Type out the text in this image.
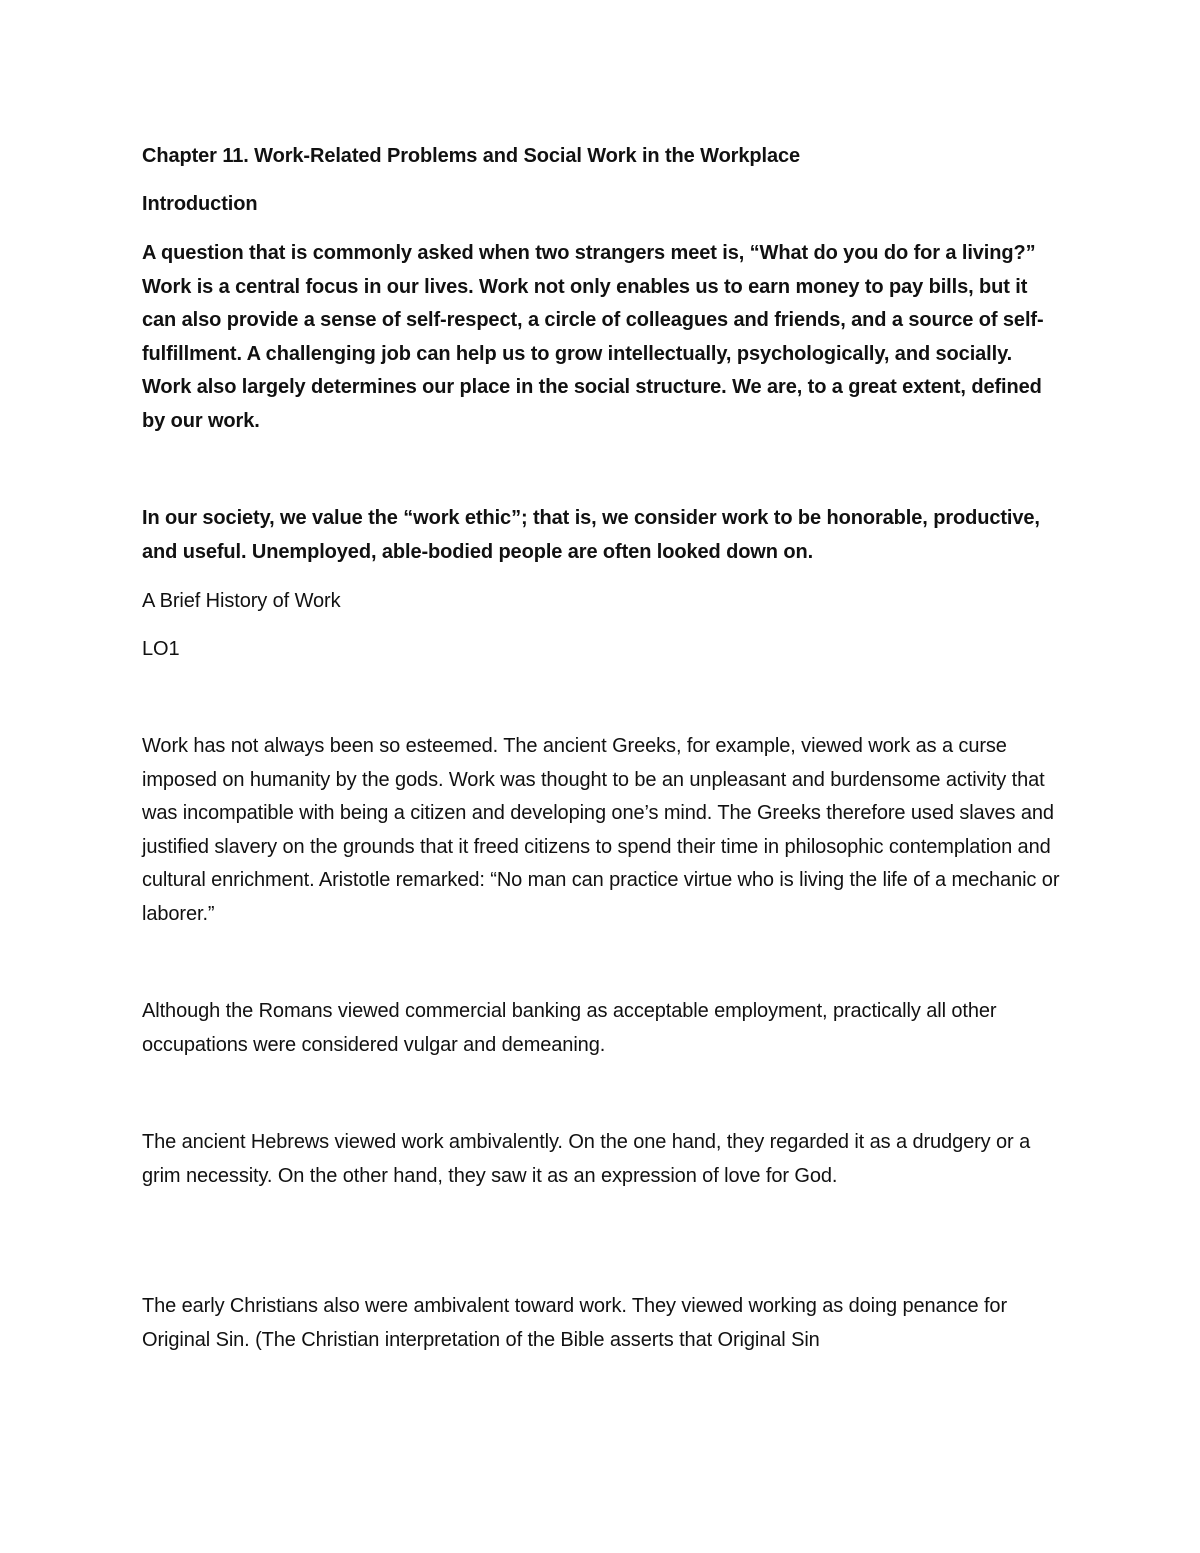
Chapter 11. Work-Related Problems and Social Work in the Workplace

Introduction

A question that is commonly asked when two strangers meet is, “What do you do for a living?” Work is a central focus in our lives. Work not only enables us to earn money to pay bills, but it can also provide a sense of self-respect, a circle of colleagues and friends, and a source of self-fulfillment. A challenging job can help us to grow intellectually, psychologically, and socially. Work also largely determines our place in the social structure. We are, to a great extent, defined by our work.

In our society, we value the “work ethic”; that is, we consider work to be honorable, productive, and useful. Unemployed, able-bodied people are often looked down on.

A Brief History of Work

LO1

Work has not always been so esteemed. The ancient Greeks, for example, viewed work as a curse imposed on humanity by the gods. Work was thought to be an unpleasant and burdensome activity that was incompatible with being a citizen and developing one’s mind. The Greeks therefore used slaves and justified slavery on the grounds that it freed citizens to spend their time in philosophic contemplation and cultural enrichment. Aristotle remarked: “No man can practice virtue who is living the life of a mechanic or laborer.”

Although the Romans viewed commercial banking as acceptable employment, practically all other occupations were considered vulgar and demeaning.

The ancient Hebrews viewed work ambivalently. On the one hand, they regarded it as a drudgery or a grim necessity. On the other hand, they saw it as an expression of love for God.

The early Christians also were ambivalent toward work. They viewed working as doing penance for Original Sin. (The Christian interpretation of the Bible asserts that Original Sin
